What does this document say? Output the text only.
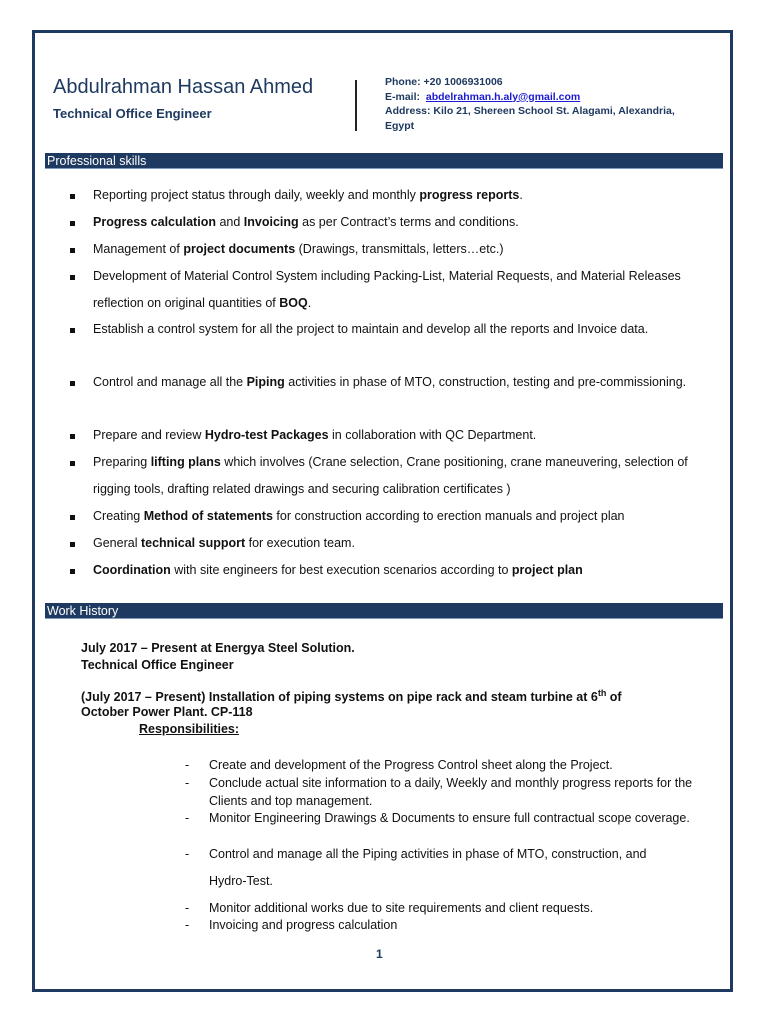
Abdulrahman Hassan Ahmed
Technical Office Engineer
Phone: +20 1006931006
E-mail: abdelrahman.h.aly@gmail.com
Address: Kilo 21, Shereen School St. Alagami, Alexandria,
Egypt
Professional skills
Reporting project status through daily, weekly and monthly progress reports.
Progress calculation and Invoicing as per Contract’s terms and conditions.
Management of project documents (Drawings, transmittals, letters…etc.)
Development of Material Control System including Packing-List, Material Requests, and Material Releases reflection on original quantities of BOQ.
Establish a control system for all the project to maintain and develop all the reports and Invoice data.
Control and manage all the Piping activities in phase of MTO, construction, testing and pre-commissioning.
Prepare and review Hydro-test Packages in collaboration with QC Department.
Preparing lifting plans which involves (Crane selection, Crane positioning, crane maneuvering, selection of rigging tools, drafting related drawings and securing calibration certificates )
Creating Method of statements for construction according to erection manuals and project plan
General technical support for execution team.
Coordination with site engineers for best execution scenarios according to project plan
Work History
July 2017 – Present at Energya Steel Solution.
Technical Office Engineer
(July 2017 – Present) Installation of piping systems on pipe rack and steam turbine at 6th of
October Power Plant. CP-118
Responsibilities:
-	Create and development of the Progress Control sheet along the Project.
-	Conclude actual site information to a daily, Weekly and monthly progress reports for the Clients and top management.
-	Monitor Engineering Drawings & Documents to ensure full contractual scope coverage.
-	Control and manage all the Piping activities in phase of MTO, construction, and
Hydro-Test.
-	Monitor additional works due to site requirements and client requests.
-	Invoicing and progress calculation
1
